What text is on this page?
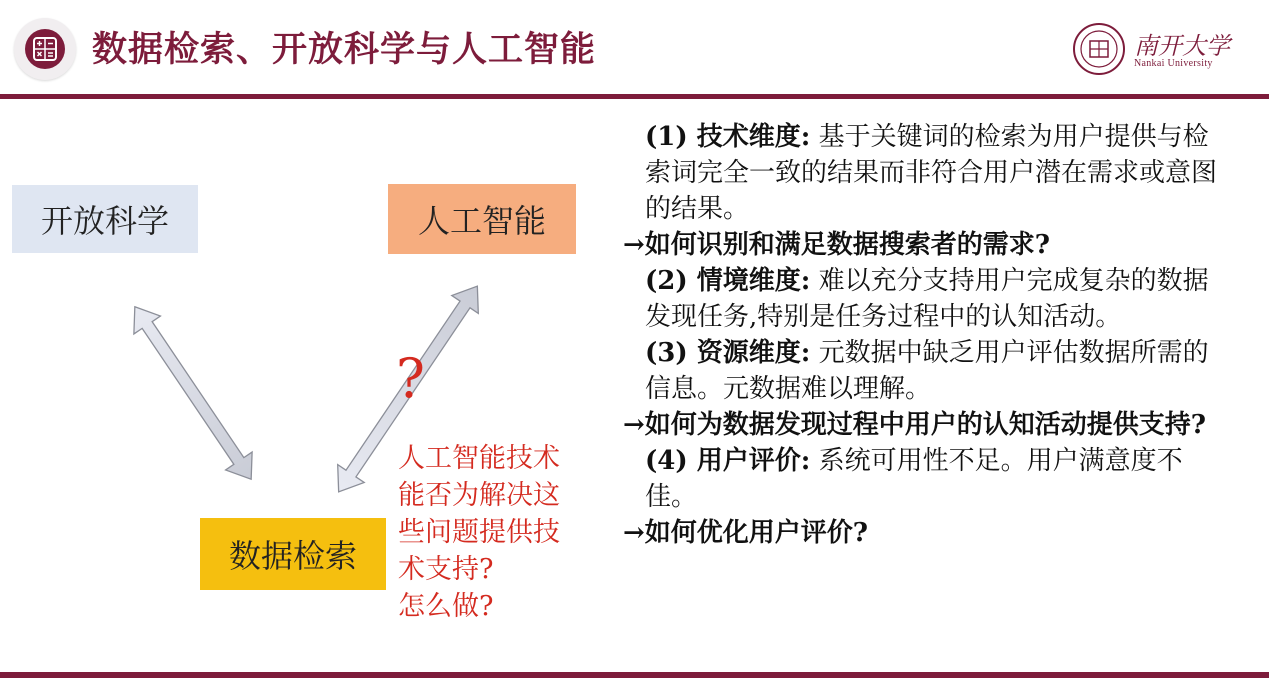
数据检索、开放科学与人工智能	南开大学
Nankai University
开放科学	人工智能
数据检索
?
人工智能技术
能否为解决这
些问题提供技
术支持?
怎么做?
(1) 技术维度: 基于关键词的检索为用户提供与检索词完全一致的结果而非符合用户潜在需求或意图的结果。
→如何识别和满足数据搜索者的需求?
(2) 情境维度: 难以充分支持用户完成复杂的数据发现任务,特别是任务过程中的认知活动。
(3) 资源维度: 元数据中缺乏用户评估数据所需的信息。元数据难以理解。
→如何为数据发现过程中用户的认知活动提供支持?
(4) 用户评价: 系统可用性不足。用户满意度不佳。
→如何优化用户评价?
